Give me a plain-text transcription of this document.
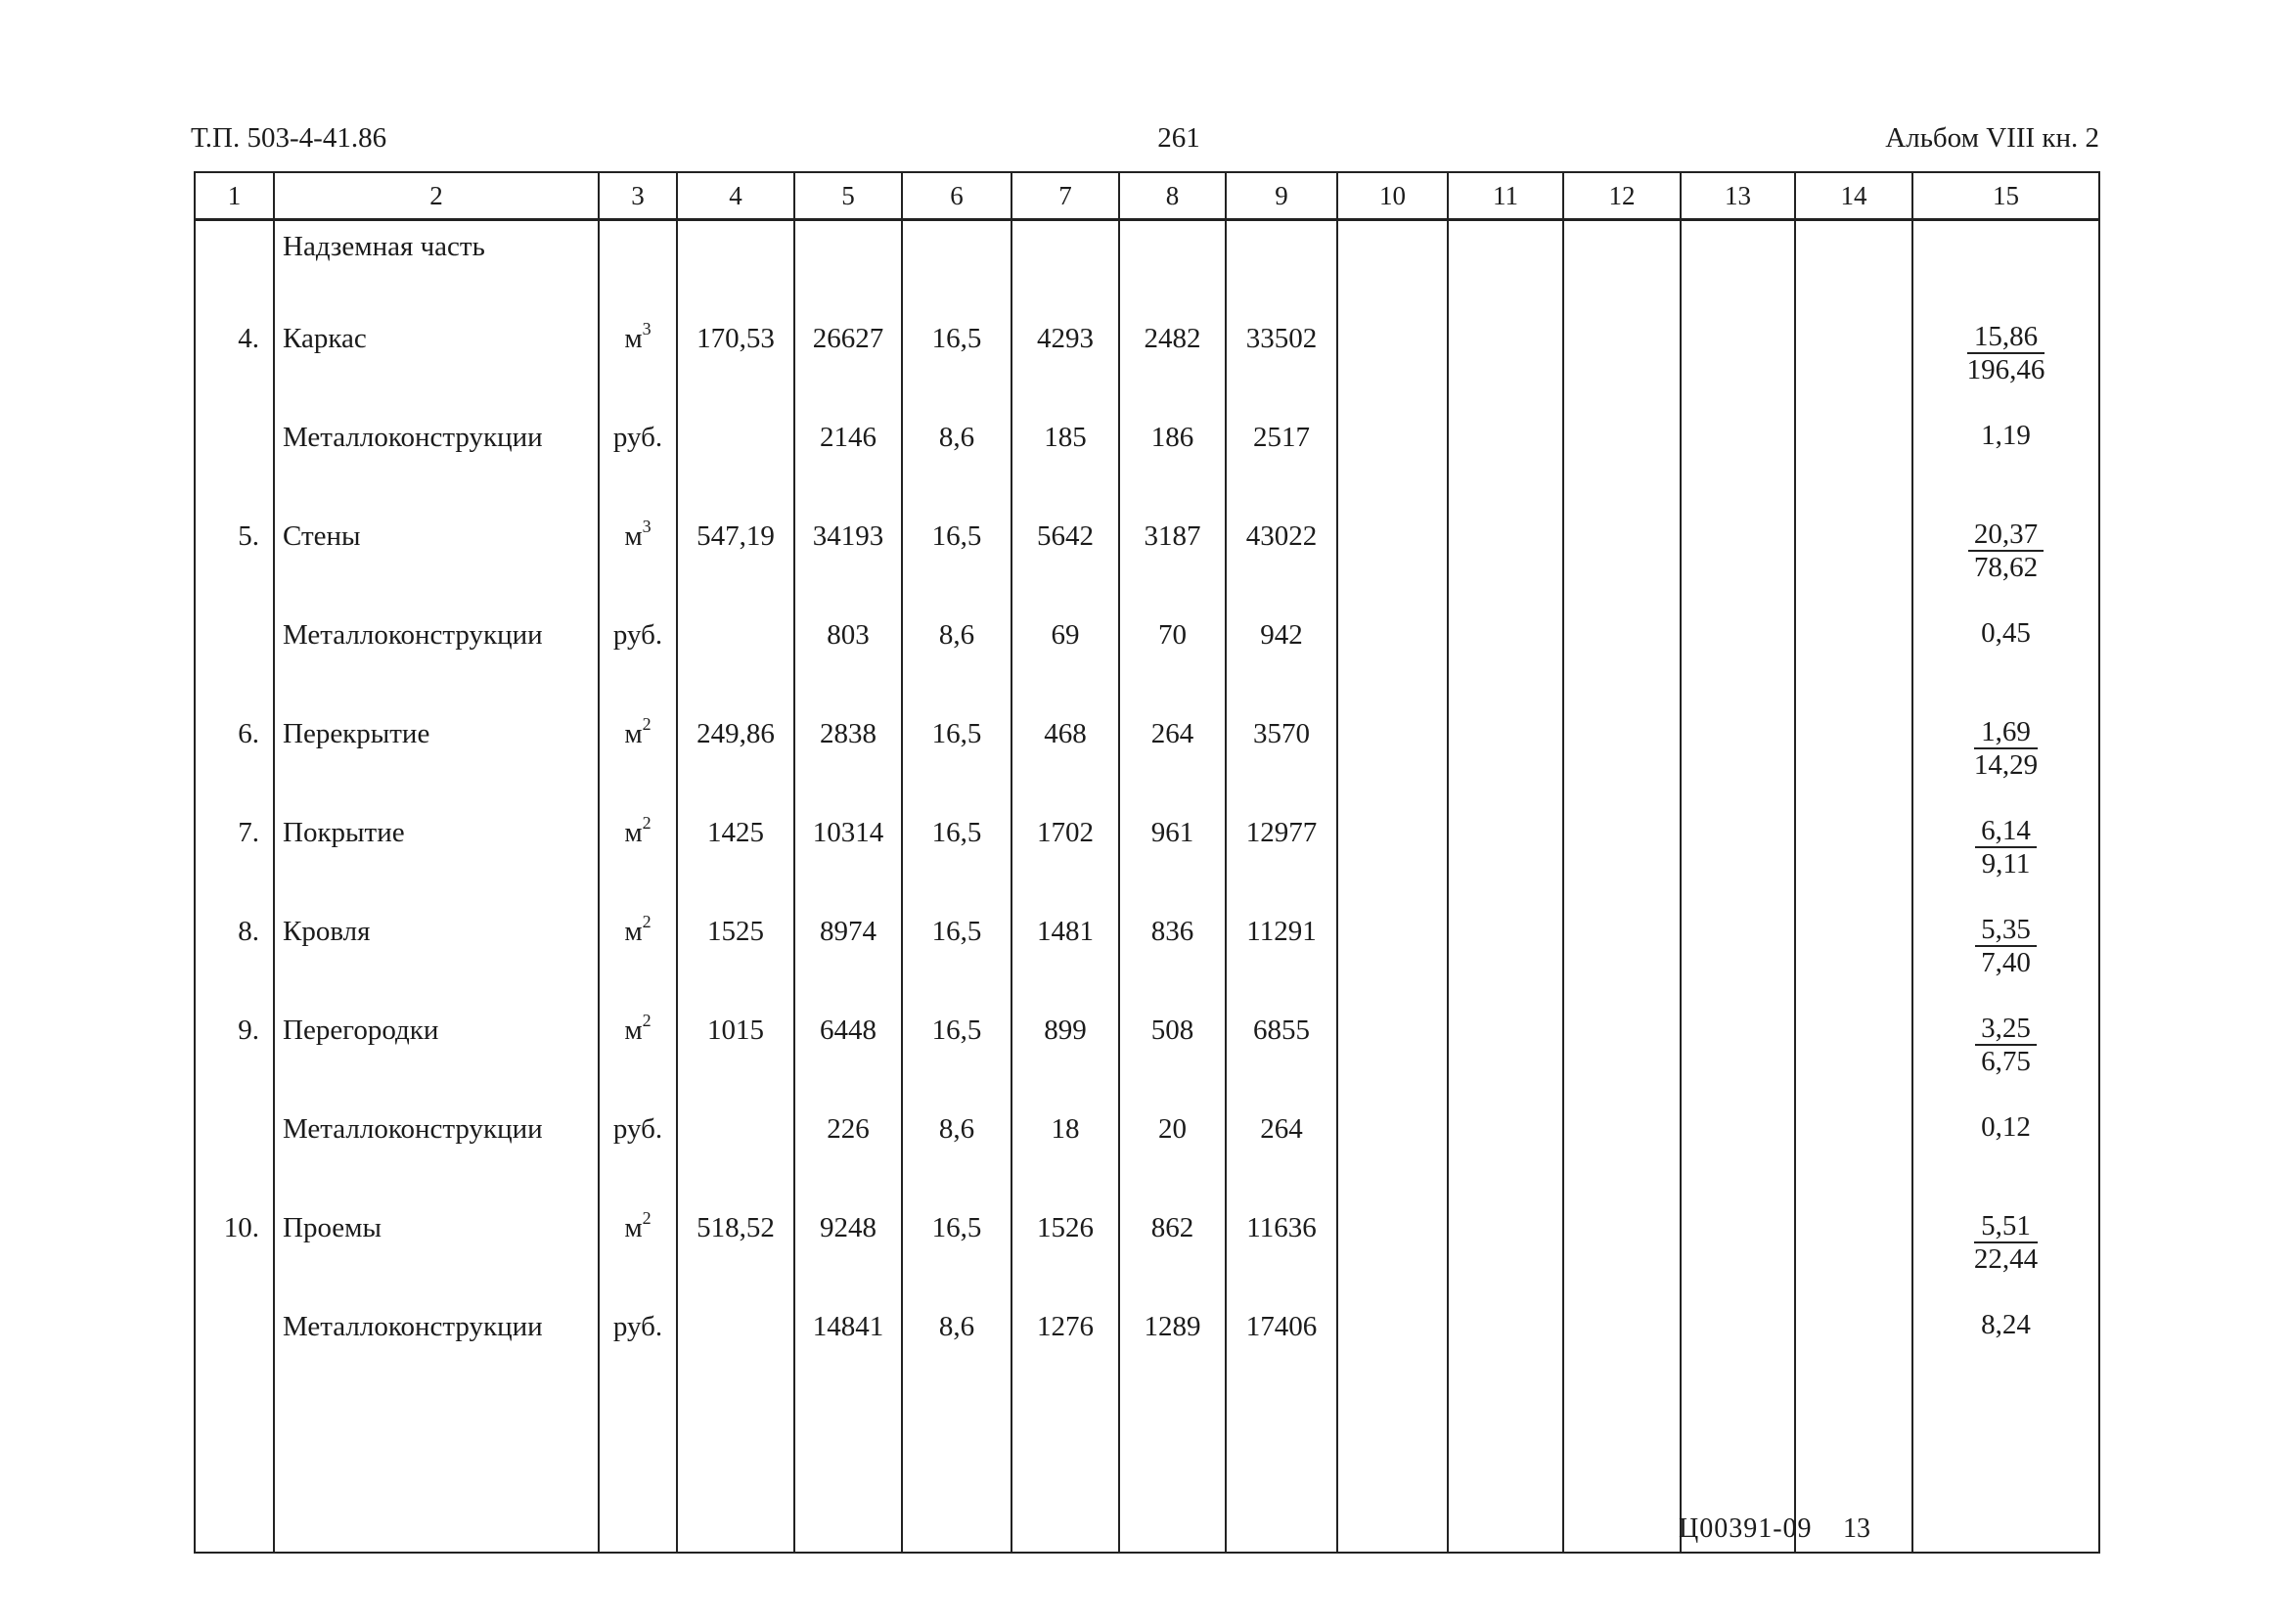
Т.П. 503-4-41.86	261	Альбом VIII кн. 2
1	2	3	4	5	6	7	8	9	10	11	12	13	14	15

	Надземная часть													

4.	Каркас	$м^3$	170,53	26627	16,5	4293	2482	33502						$\frac{15,86}{196,46}$

	Металлоконструкции	руб.		2146	8,6	185	186	2517						1,19

5.	Стены	$м^3$	547,19	34193	16,5	5642	3187	43022						$\frac{20,37}{78,62}$

	Металлоконструкции	руб.		803	8,6	69	70	942						0,45

6.	Перекрытие	$м^2$	249,86	2838	16,5	468	264	3570						$\frac{1,69}{14,29}$

7.	Покрытие	$м^2$	1425	10314	16,5	1702	961	12977						$\frac{6,14}{9,11}$

8.	Кровля	$м^2$	1525	8974	16,5	1481	836	11291						$\frac{5,35}{7,40}$

9.	Перегородки	$м^2$	1015	6448	16,5	899	508	6855						$\frac{3,25}{6,75}$

	Металлоконструкции	руб.		226	8,6	18	20	264						0,12

10.	Проемы	$м^2$	518,52	9248	16,5	1526	862	11636						$\frac{5,51}{22,44}$

	Металлоконструкции	руб.		14841	8,6	1276	1289	17406						8,24

Ц00391-09 13
